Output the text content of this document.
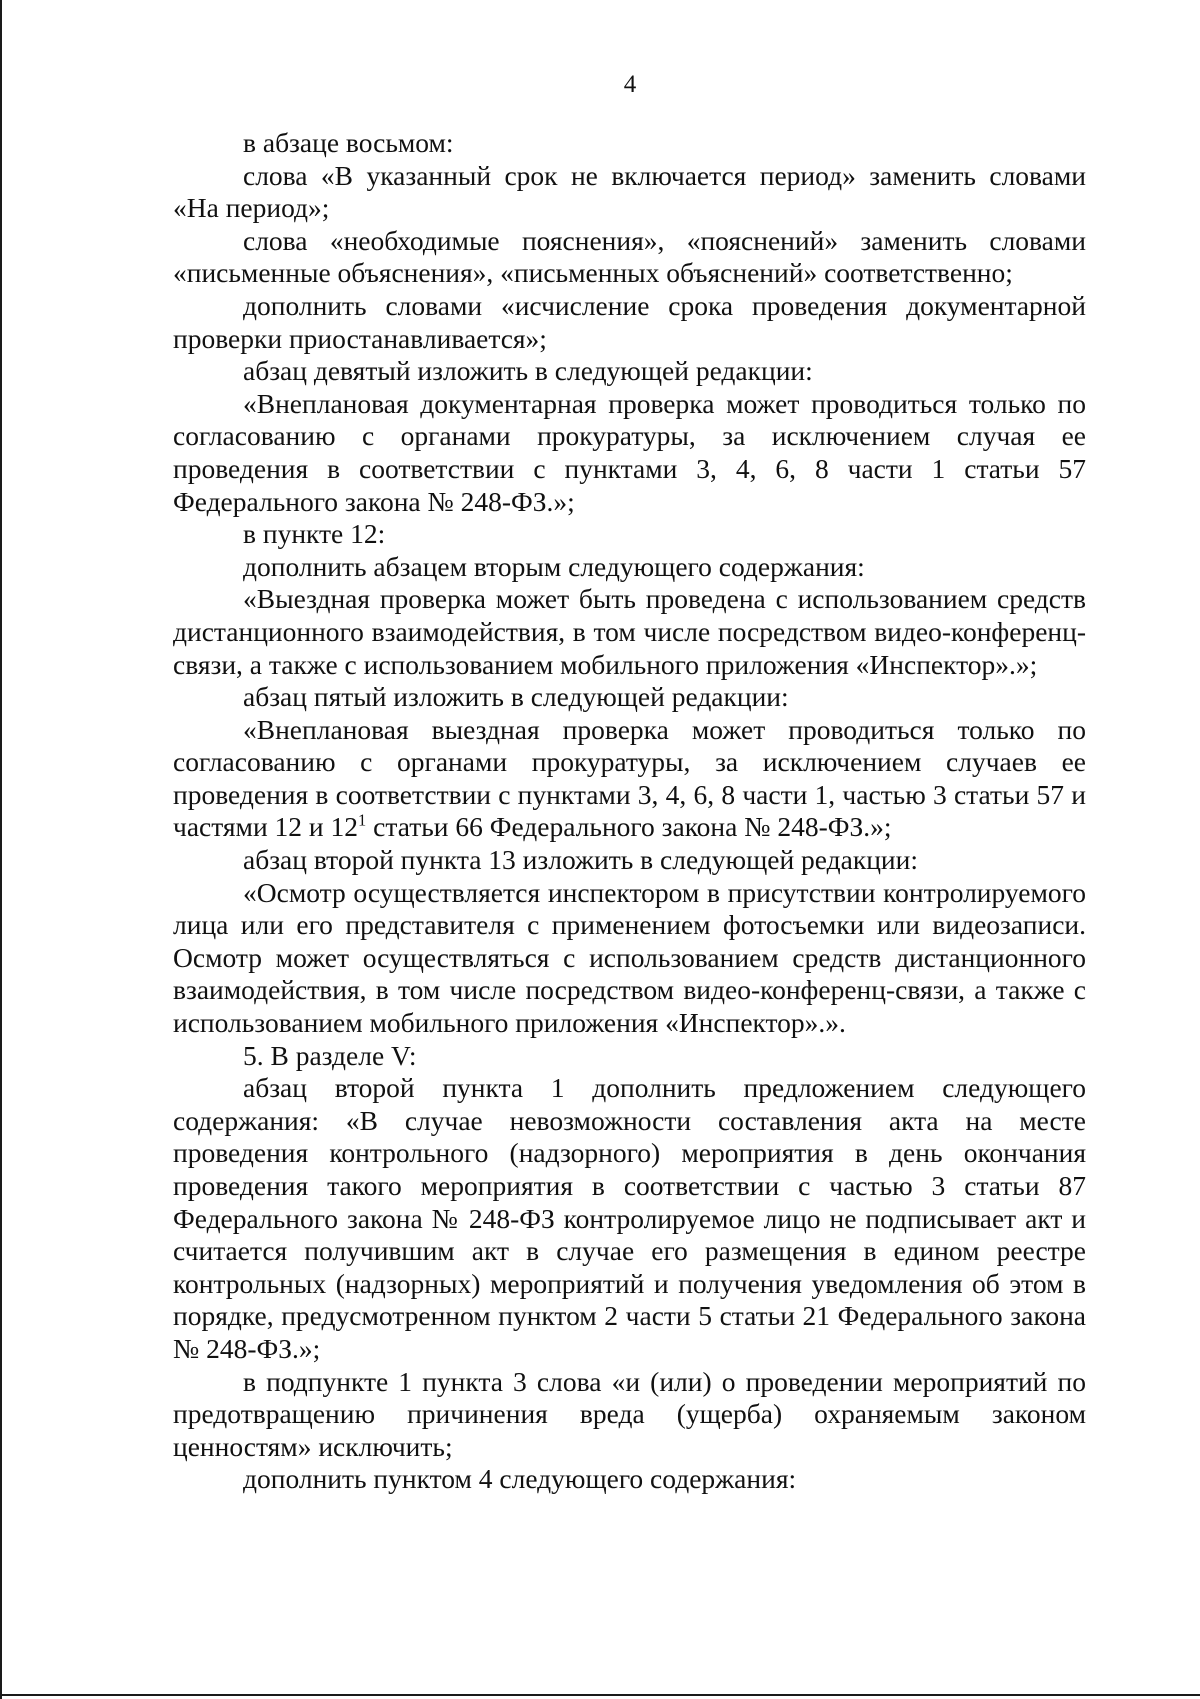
4

в абзаце восьмом:

слова «В указанный срок не включается период» заменить словами «На период»;

слова «необходимые пояснения», «пояснений» заменить словами «письменные объяснения», «письменных объяснений» соответственно;

дополнить словами «исчисление срока проведения документарной проверки приостанавливается»;

абзац девятый изложить в следующей редакции:

«Внеплановая документарная проверка может проводиться только по согласованию с органами прокуратуры, за исключением случая ее проведения в соответствии с пунктами 3, 4, 6, 8 части 1 статьи 57 Федерального закона № 248-ФЗ.»;

в пункте 12:

дополнить абзацем вторым следующего содержания:

«Выездная проверка может быть проведена с использованием средств дистанционного взаимодействия, в том числе посредством видео-конференц-связи, а также с использованием мобильного приложения «Инспектор».»;

абзац пятый изложить в следующей редакции:

«Внеплановая выездная проверка может проводиться только по согласованию с органами прокуратуры, за исключением случаев ее проведения в соответствии с пунктами 3, 4, 6, 8 части 1, частью 3 статьи 57 и частями 12 и $12^1$ статьи 66 Федерального закона № 248-ФЗ.»;

абзац второй пункта 13 изложить в следующей редакции:

«Осмотр осуществляется инспектором в присутствии контролируемого лица или его представителя с применением фотосъемки или видеозаписи. Осмотр может осуществляться с использованием средств дистанционного взаимодействия, в том числе посредством видео-конференц-связи, а также с использованием мобильного приложения «Инспектор».».

5. В разделе V:

абзац второй пункта 1 дополнить предложением следующего содержания: «В случае невозможности составления акта на месте проведения контрольного (надзорного) мероприятия в день окончания проведения такого мероприятия в соответствии с частью 3 статьи 87 Федерального закона № 248-ФЗ контролируемое лицо не подписывает акт и считается получившим акт в случае его размещения в едином реестре контрольных (надзорных) мероприятий и получения уведомления об этом в порядке, предусмотренном пунктом 2 части 5 статьи 21 Федерального закона № 248-ФЗ.»;

в подпункте 1 пункта 3 слова «и (или) о проведении мероприятий по предотвращению причинения вреда (ущерба) охраняемым законом ценностям» исключить;

дополнить пунктом 4 следующего содержания:
